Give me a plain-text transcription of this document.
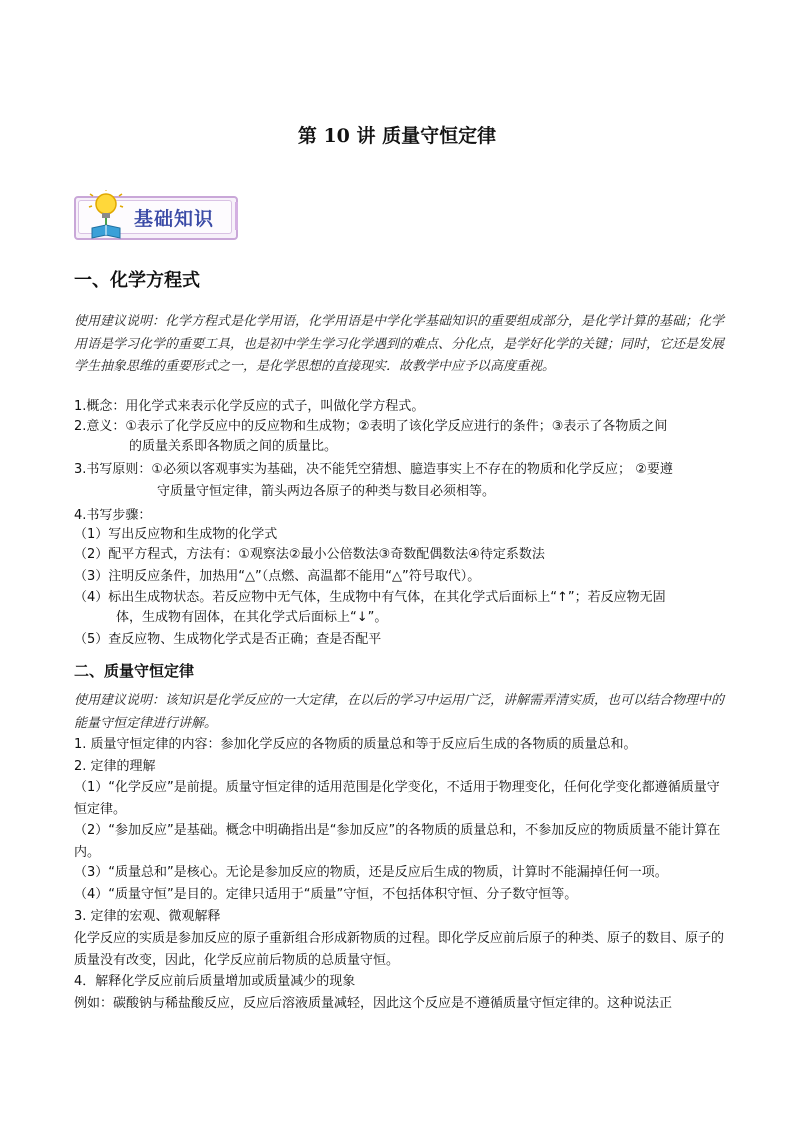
第 10 讲 质量守恒定律
基础知识
一、化学方程式
使用建议说明：化学方程式是化学用语，化学用语是中学化学基础知识的重要组成部分，是化学计算的基础；化学用语是学习化学的重要工具，也是初中学生学习化学遇到的难点、分化点，是学好化学的关键；同时，它还是发展学生抽象思维的重要形式之一，是化学思想的直接现实．故教学中应予以高度重视。
1.概念：用化学式来表示化学反应的式子，叫做化学方程式。
2.意义：①表示了化学反应中的反应物和生成物；②表明了该化学反应进行的条件；③表示了各物质之间
的质量关系即各物质之间的质量比。
3.书写原则：①必须以客观事实为基础，决不能凭空猜想、臆造事实上不存在的物质和化学反应； ②要遵
守质量守恒定律，箭头两边各原子的种类与数目必须相等。
4.书写步骤：
（1）写出反应物和生成物的化学式
（2）配平方程式，方法有：①观察法②最小公倍数法③奇数配偶数法④待定系数法
（3）注明反应条件，加热用“△”（点燃、高温都不能用“△”符号取代）。
（4）标出生成物状态。若反应物中无气体，生成物中有气体，在其化学式后面标上“↑”；若反应物无固
体，生成物有固体，在其化学式后面标上“↓”。
（5）查反应物、生成物化学式是否正确；查是否配平
二、质量守恒定律
使用建议说明：该知识是化学反应的一大定律，在以后的学习中运用广泛，讲解需弄清实质，也可以结合物理中的能量守恒定律进行讲解。
1. 质量守恒定律的内容：参加化学反应的各物质的质量总和等于反应后生成的各物质的质量总和。
2. 定律的理解
（1）“化学反应”是前提。质量守恒定律的适用范围是化学变化，不适用于物理变化，任何化学变化都遵循质量守恒定律。
（2）“参加反应”是基础。概念中明确指出是“参加反应”的各物质的质量总和，不参加反应的物质质量不能计算在内。
（3）“质量总和”是核心。无论是参加反应的物质，还是反应后生成的物质，计算时不能漏掉任何一项。
（4）“质量守恒”是目的。定律只适用于“质量”守恒，不包括体积守恒、分子数守恒等。
3. 定律的宏观、微观解释
化学反应的实质是参加反应的原子重新组合形成新物质的过程。即化学反应前后原子的种类、原子的数目、原子的质量没有改变，因此，化学反应前后物质的总质量守恒。
4．解释化学反应前后质量增加或质量减少的现象
例如：碳酸钠与稀盐酸反应，反应后溶液质量减轻，因此这个反应是不遵循质量守恒定律的。这种说法正
